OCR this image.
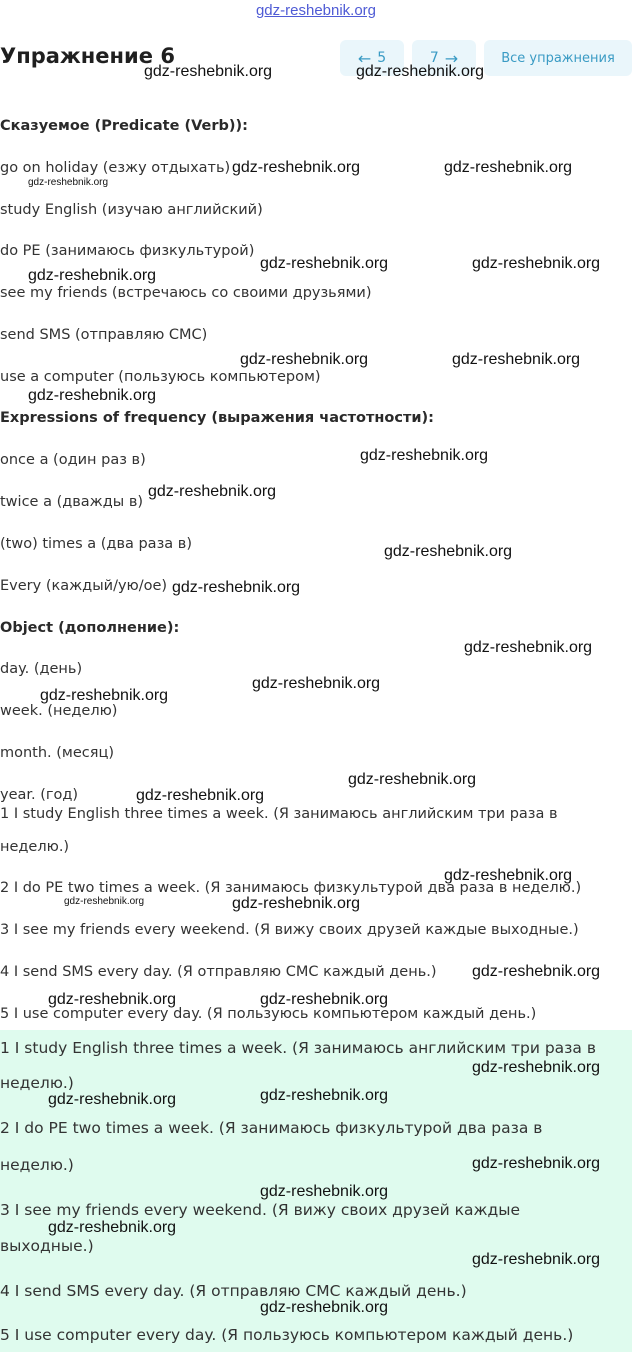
gdz-reshebnik.org
Упражнение 6	← 5	7 →	Все упражнения
Сказуемое (Predicate (Verb)):
go on holiday (езжу отдыхать)
study English (изучаю английский)
do PE (занимаюсь физкультурой)
see my friends (встречаюсь со своими друзьями)
send SMS (отправляю СМС)
use a computer (пользуюсь компьютером)
Expressions of frequency (выражения частотности):
once a (один раз в)
twice a (дважды в)
(two) times a (два раза в)
Every (каждый/ую/ое)
Object (дополнение):
day. (день)
week. (неделю)
month. (месяц)
year. (год)
1 I study English three times a week. (Я занимаюсь английским три раза в
неделю.)
2 I do PE two times a week. (Я занимаюсь физкультурой два раза в неделю.)
3 I see my friends every weekend. (Я вижу своих друзей каждые выходные.)
4 I send SMS every day. (Я отправляю СМС каждый день.)
5 I use computer every day. (Я пользуюсь компьютером каждый день.)
1 I study English three times a week. (Я занимаюсь английским три раза в
неделю.)
2 I do PE two times a week. (Я занимаюсь физкультурой два раза в
неделю.)
3 I see my friends every weekend. (Я вижу своих друзей каждые
выходные.)
4 I send SMS every day. (Я отправляю СМС каждый день.)
5 I use computer every day. (Я пользуюсь компьютером каждый день.)
gdz-reshebnik.org	gdz-reshebnik.org
gdz-reshebnik.org	gdz-reshebnik.org
gdz-reshebnik.org
gdz-reshebnik.org	gdz-reshebnik.org
gdz-reshebnik.org
gdz-reshebnik.org	gdz-reshebnik.org
gdz-reshebnik.org
gdz-reshebnik.org
gdz-reshebnik.org
gdz-reshebnik.org
gdz-reshebnik.org
gdz-reshebnik.org
gdz-reshebnik.org
gdz-reshebnik.org
gdz-reshebnik.org
gdz-reshebnik.org
gdz-reshebnik.org
gdz-reshebnik.org	gdz-reshebnik.org
gdz-reshebnik.org
gdz-reshebnik.org	gdz-reshebnik.org
gdz-reshebnik.org
gdz-reshebnik.org
gdz-reshebnik.org
gdz-reshebnik.org
gdz-reshebnik.org
gdz-reshebnik.org
gdz-reshebnik.org
gdz-reshebnik.org
